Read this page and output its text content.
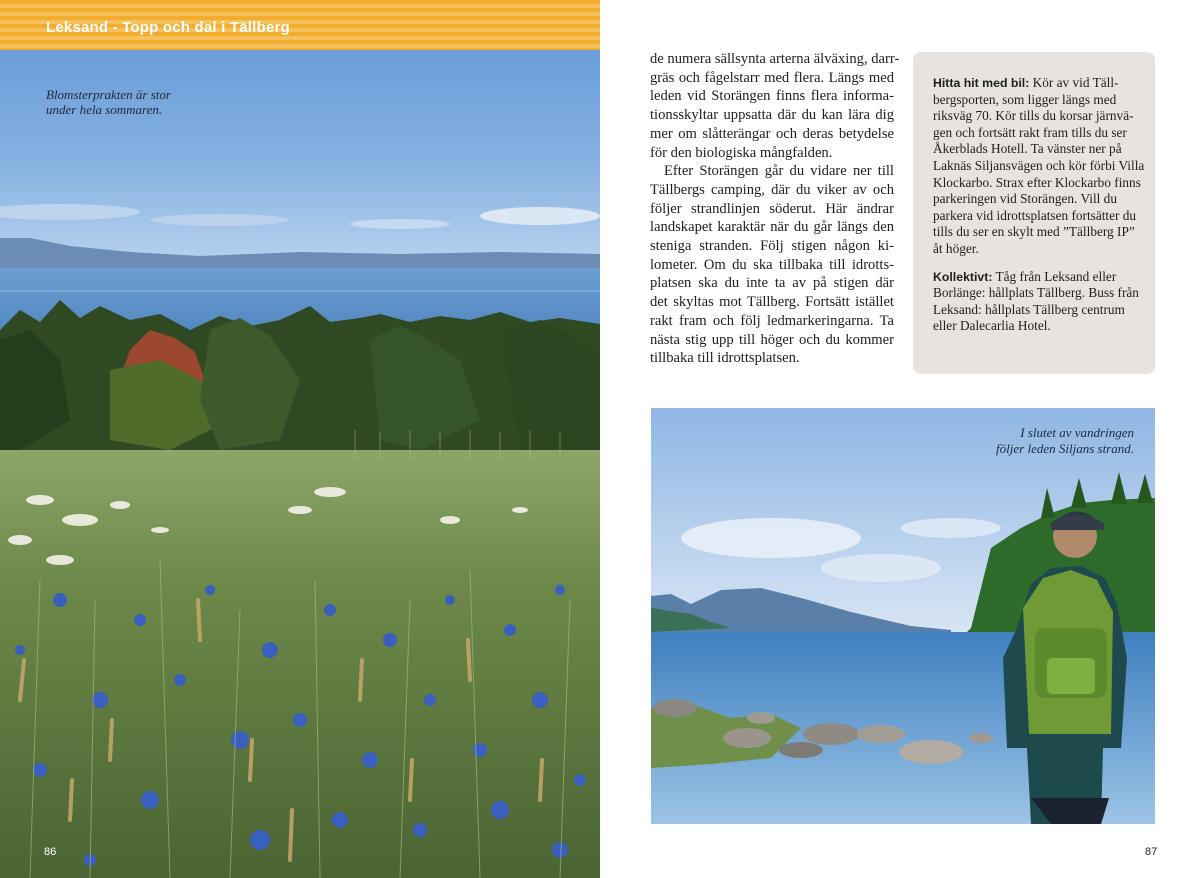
Leksand - Topp och dal i Tällberg
Blomsterprakten är stor
under hela sommaren.
86
de numera sällsynta arterna älväxing, darr-
gräs och fågelstarr med flera. Längs med
leden vid Storängen finns flera informa-
tionsskyltar uppsatta där du kan lära dig
mer om slåtterängar och deras betydelse
för den biologiska mångfalden.
Efter Storängen går du vidare ner till
Tällbergs camping, där du viker av och
följer strandlinjen söderut. Här ändrar
landskapet karaktär när du går längs den
steniga stranden. Följ stigen någon ki-
lometer. Om du ska tillbaka till idrotts-
platsen ska du inte ta av på stigen där
det skyltas mot Tällberg. Fortsätt istället
rakt fram och följ ledmarkeringarna. Ta
nästa stig upp till höger och du kommer
tillbaka till idrottsplatsen.

Hitta hit med bil: Kör av vid Täll-
bergsporten, som ligger längs med
riksväg 70. Kör tills du korsar järnvä-
gen och fortsätt rakt fram tills du ser
Åkerblads Hotell. Ta vänster ner på
Laknäs Siljansvägen och kör förbi Villa
Klockarbo. Strax efter Klockarbo finns
parkeringen vid Storängen. Vill du
parkera vid idrottsplatsen fortsätter du
tills du ser en skylt med ”Tällberg IP”
åt höger.

Kollektivt: Tåg från Leksand eller
Borlänge: hållplats Tällberg. Buss från
Leksand: hållplats Tällberg centrum
eller Dalecarlia Hotel.

I slutet av vandringen
följer leden Siljans strand.
87
